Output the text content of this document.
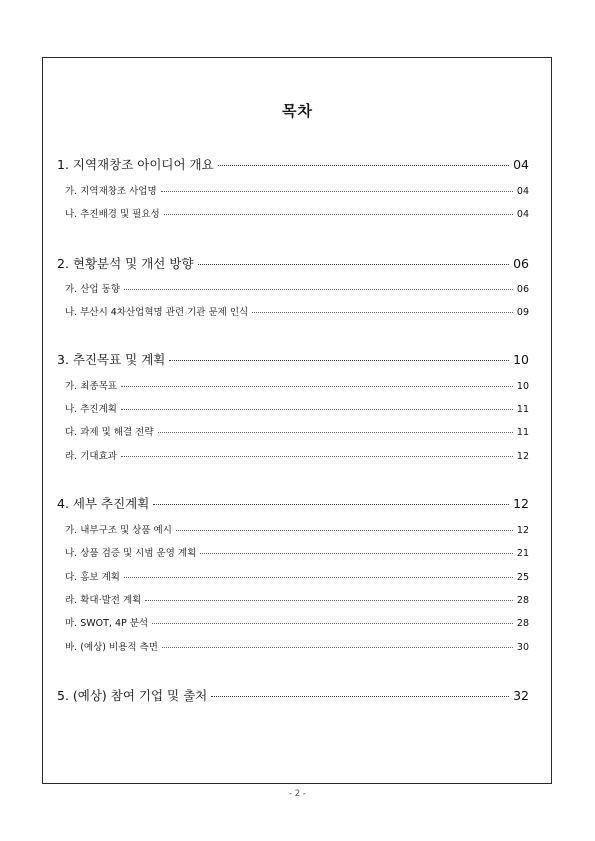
목차
1. 지역재창조 아이디어 개요	04
가. 지역재창조 사업명	04
나. 추진배경 및 필요성	04
2. 현황분석 및 개선 방향	06
가. 산업 동향	06
나. 부산시 4차산업혁명 관련 기관 문제 인식	09
3. 추진목표 및 계획	10
가. 최종목표	10
나. 추진계획	11
다. 과제 및 해결 전략	11
라. 기대효과	12
4. 세부 추진계획	12
가. 내부구조 및 상품 예시	12
나. 상품 검증 및 시범 운영 계획	21
다. 홍보 계획	25
라. 확대·발전 계획	28
마. SWOT, 4P 분석	28
바. (예상) 비용적 측면	30
5. (예상) 참여 기업 및 출처	32
- 2 -
